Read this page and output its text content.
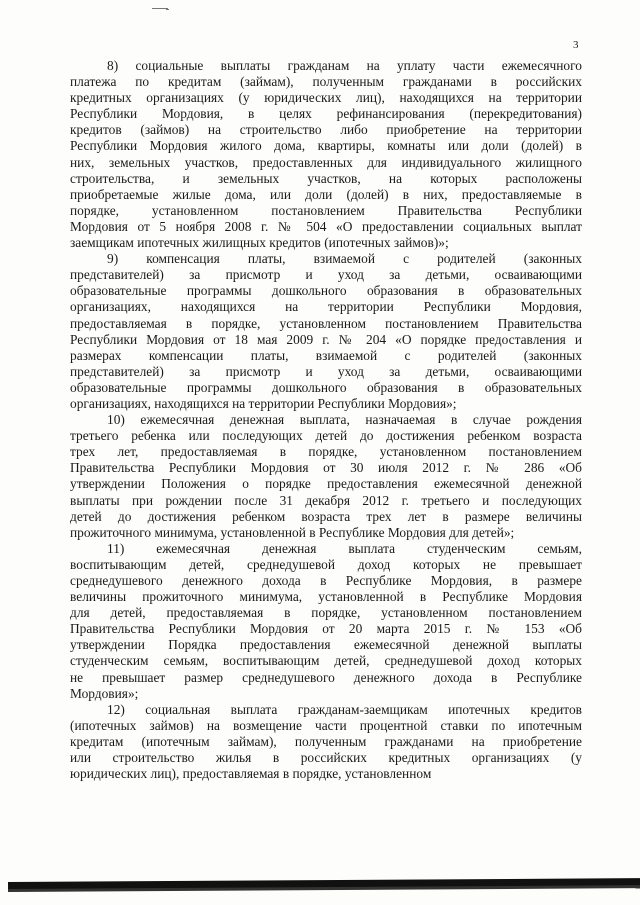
3
8) социальные выплаты гражданам на уплату части ежемесячного
платежа по кредитам (займам), полученным гражданами в российских
кредитных организациях (у юридических лиц), находящихся на территории
Республики Мордовия, в целях рефинансирования (перекредитования)
кредитов (займов) на строительство либо приобретение на территории
Республики Мордовия жилого дома, квартиры, комнаты или доли (долей) в
них, земельных участков, предоставленных для индивидуального жилищного
строительства, и земельных участков, на которых расположены
приобретаемые жилые дома, или доли (долей) в них, предоставляемые в
порядке, установленном постановлением Правительства Республики
Мордовия от 5 ноября 2008 г. № 504 «О предоставлении социальных выплат
заемщикам ипотечных жилищных кредитов (ипотечных займов)»;
9) компенсация платы, взимаемой с родителей (законных
представителей) за присмотр и уход за детьми, осваивающими
образовательные программы дошкольного образования в образовательных
организациях, находящихся на территории Республики Мордовия,
предоставляемая в порядке, установленном постановлением Правительства
Республики Мордовия от 18 мая 2009 г. № 204 «О порядке предоставления и
размерах компенсации платы, взимаемой с родителей (законных
представителей) за присмотр и уход за детьми, осваивающими
образовательные программы дошкольного образования в образовательных
организациях, находящихся на территории Республики Мордовия»;
10) ежемесячная денежная выплата, назначаемая в случае рождения
третьего ребенка или последующих детей до достижения ребенком возраста
трех лет, предоставляемая в порядке, установленном постановлением
Правительства Республики Мордовия от 30 июля 2012 г. № 286 «Об
утверждении Положения о порядке предоставления ежемесячной денежной
выплаты при рождении после 31 декабря 2012 г. третьего и последующих
детей до достижения ребенком возраста трех лет в размере величины
прожиточного минимума, установленной в Республике Мордовия для детей»;
11) ежемесячная денежная выплата студенческим семьям,
воспитывающим детей, среднедушевой доход которых не превышает
среднедушевого денежного дохода в Республике Мордовия, в размере
величины прожиточного минимума, установленной в Республике Мордовия
для детей, предоставляемая в порядке, установленном постановлением
Правительства Республики Мордовия от 20 марта 2015 г. № 153 «Об
утверждении Порядка предоставления ежемесячной денежной выплаты
студенческим семьям, воспитывающим детей, среднедушевой доход которых
не превышает размер среднедушевого денежного дохода в Республике
Мордовия»;
12) социальная выплата гражданам-заемщикам ипотечных кредитов
(ипотечных займов) на возмещение части процентной ставки по ипотечным
кредитам (ипотечным займам), полученным гражданами на приобретение
или строительство жилья в российских кредитных организациях (у
юридических лиц), предоставляемая в порядке, установленном
